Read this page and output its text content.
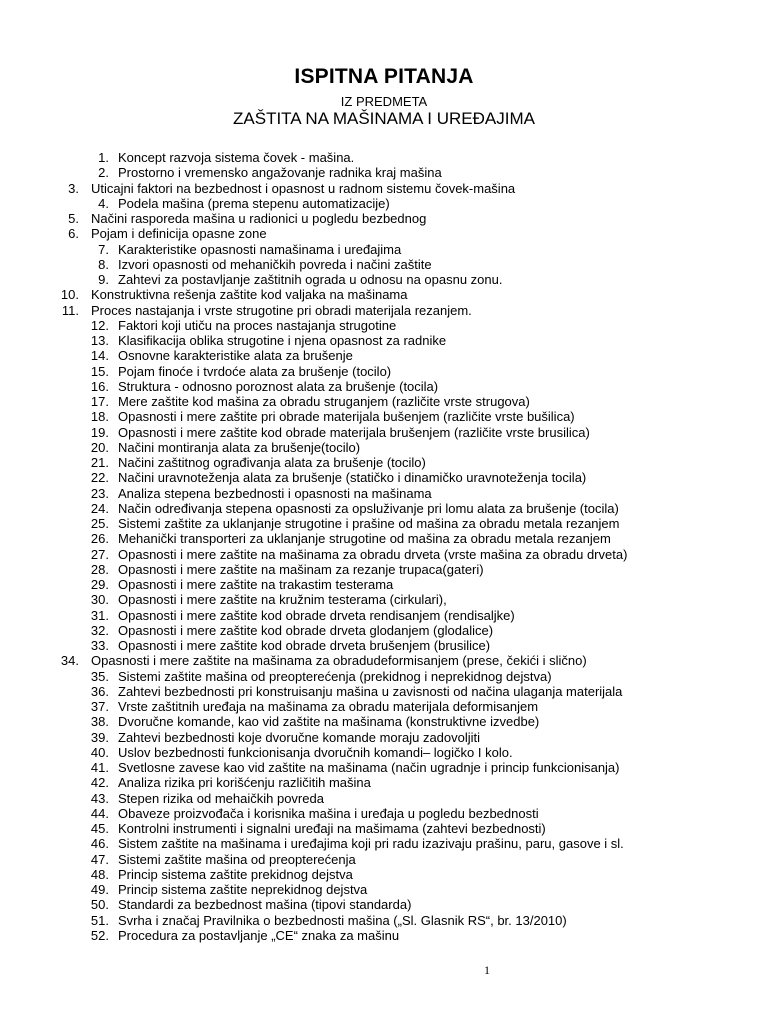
ISPITNA PITANJA
IZ PREDMETA
ZAŠTITA NA MAŠINAMA I UREĐAJIMA
1. Koncept razvoja sistema čovek - mašina.
2. Prostorno i vremensko angažovanje radnika kraj mašina
3. Uticajni faktori na bezbednost i opasnost u radnom sistemu čovek-mašina
4. Podela mašina (prema stepenu automatizacije)
5. Načini rasporeda mašina u radionici u pogledu bezbednog
6. Pojam i definicija opasne zone
7. Karakteristike opasnosti namašinama i uređajima
8. Izvori opasnosti od mehaničkih povreda i načini zaštite
9. Zahtevi za postavljanje zaštitnih ograda u odnosu na opasnu zonu.
10. Konstruktivna rešenja zaštite kod valjaka na mašinama
11. Proces nastajanja i vrste strugotine pri obradi materijala rezanjem.
12. Faktori koji utiču na proces nastajanja strugotine
13. Klasifikacija oblika strugotine i njena opasnost za radnike
14. Osnovne karakteristike alata za brušenje
15. Pojam finoće i tvrdoće alata za brušenje (tocilo)
16. Struktura - odnosno poroznost alata za brušenje (tocila)
17. Mere zaštite kod mašina za obradu struganjem (različite vrste strugova)
18. Opasnosti i mere zaštite pri obrade materijala bušenjem (različite vrste bušilica)
19. Opasnosti i mere zaštite kod obrade materijala brušenjem (različite vrste brusilica)
20. Načini montiranja alata za brušenje(tocilo)
21. Načini zaštitnog ograđivanja alata za brušenje (tocilo)
22. Načini uravnoteženja alata za brušenje (statičko i dinamičko uravnoteženja tocila)
23. Analiza stepena bezbednosti i opasnosti na mašinama
24. Način određivanja stepena opasnosti za opsluživanje pri lomu alata za brušenje (tocila)
25. Sistemi zaštite za uklanjanje strugotine i prašine od mašina za obradu metala rezanjem
26. Mehanički transporteri za uklanjanje strugotine od mašina za obradu metala rezanjem
27. Opasnosti i mere zaštite na mašinama za obradu drveta (vrste mašina za obradu drveta)
28. Opasnosti i mere zaštite na mašinam za rezanje trupaca(gateri)
29. Opasnosti i mere zaštite na trakastim testerama
30. Opasnosti i mere zaštite na kružnim testerama (cirkulari),
31. Opasnosti i mere zaštite kod obrade drveta rendisanjem (rendisaljke)
32. Opasnosti i mere zaštite kod obrade drveta glodanjem (glodalice)
33. Opasnosti i mere zaštite kod obrade drveta brušenjem (brusilice)
34. Opasnosti i mere zaštite na mašinama za obradudeformisanjem (prese, čekići i slično)
35. Sistemi zaštite mašina od preopterećenja (prekidnog i neprekidnog dejstva)
36. Zahtevi bezbednosti pri konstruisanju mašina u zavisnosti od načina ulaganja materijala
37. Vrste zaštitnih uređaja na mašinama za obradu materijala deformisanjem
38. Dvoručne komande, kao vid zaštite na mašinama (konstruktivne izvedbe)
39. Zahtevi bezbednosti koje dvoručne komande moraju zadovoljiti
40. Uslov bezbednosti funkcionisanja dvoručnih komandi– logičko I kolo.
41. Svetlosne zavese kao vid zaštite na mašinama (način ugradnje i princip funkcionisanja)
42. Analiza rizika pri korišćenju različitih mašina
43. Stepen rizika od mehaičkih povreda
44. Obaveze proizvođača i korisnika mašina i uređaja u pogledu bezbednosti
45. Kontrolni instrumenti i signalni uređaji na mašimama (zahtevi bezbednosti)
46. Sistem zaštite na mašinama i uređajima koji pri radu izazivaju prašinu, paru, gasove i sl.
47. Sistemi zaštite mašina od preopterećenja
48. Princip sistema zaštite prekidnog dejstva
49. Princip sistema zaštite neprekidnog dejstva
50. Standardi za bezbednost mašina (tipovi standarda)
51. Svrha i značaj Pravilnika o bezbednosti mašina („Sl. Glasnik RS“, br. 13/2010)
52. Procedura za postavljanje „CE“ znaka za mašinu
1
